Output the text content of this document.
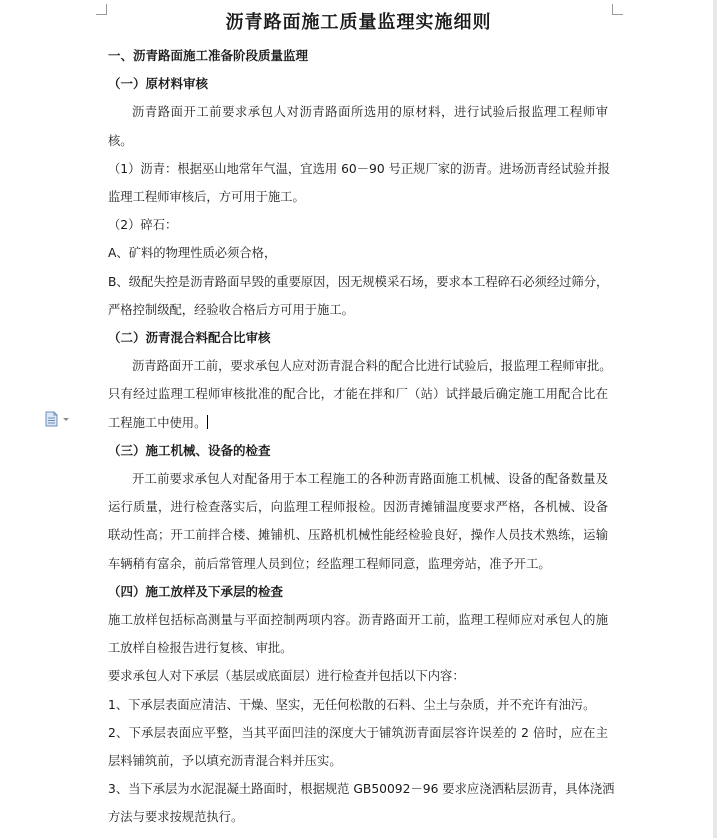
沥青路面施工质量监理实施细则
一、沥青路面施工准备阶段质量监理
（一）原材料审核
沥青路面开工前要求承包人对沥青路面所选用的原材料，进行试验后报监理工程师审
核。
（1）沥青：根据巫山地常年气温，宜选用 60－90 号正规厂家的沥青。进场沥青经试验并报
监理工程师审核后，方可用于施工。
（2）碎石：
A、矿料的物理性质必须合格，
B、级配失控是沥青路面早毁的重要原因，因无规模采石场，要求本工程碎石必须经过筛分，
严格控制级配，经验收合格后方可用于施工。
（二）沥青混合料配合比审核
沥青路面开工前，要求承包人应对沥青混合料的配合比进行试验后，报监理工程师审批。
只有经过监理工程师审核批准的配合比，才能在拌和厂（站）试拌最后确定施工用配合比在
工程施工中使用。
（三）施工机械、设备的检查
开工前要求承包人对配备用于本工程施工的各种沥青路面施工机械、设备的配备数量及
运行质量，进行检查落实后，向监理工程师报检。因沥青摊铺温度要求严格，各机械、设备
联动性高；开工前拌合楼、摊铺机、压路机机械性能经检验良好，操作人员技术熟练，运输
车辆稍有富余，前后常管理人员到位；经监理工程师同意，监理旁站，准予开工。
（四）施工放样及下承层的检查
施工放样包括标高测量与平面控制两项内容。沥青路面开工前，监理工程师应对承包人的施
工放样自检报告进行复核、审批。
要求承包人对下承层（基层或底面层）进行检查并包括以下内容：
1、下承层表面应清洁、干燥、坚实，无任何松散的石料、尘土与杂质，并不充许有油污。
2、下承层表面应平整，当其平面凹洼的深度大于铺筑沥青面层容许误差的 2 倍时，应在主
层料铺筑前，予以填充沥青混合料并压实。
3、当下承层为水泥混凝土路面时，根据规范 GB50092－96 要求应浇洒粘层沥青，具体浇洒
方法与要求按规范执行。
